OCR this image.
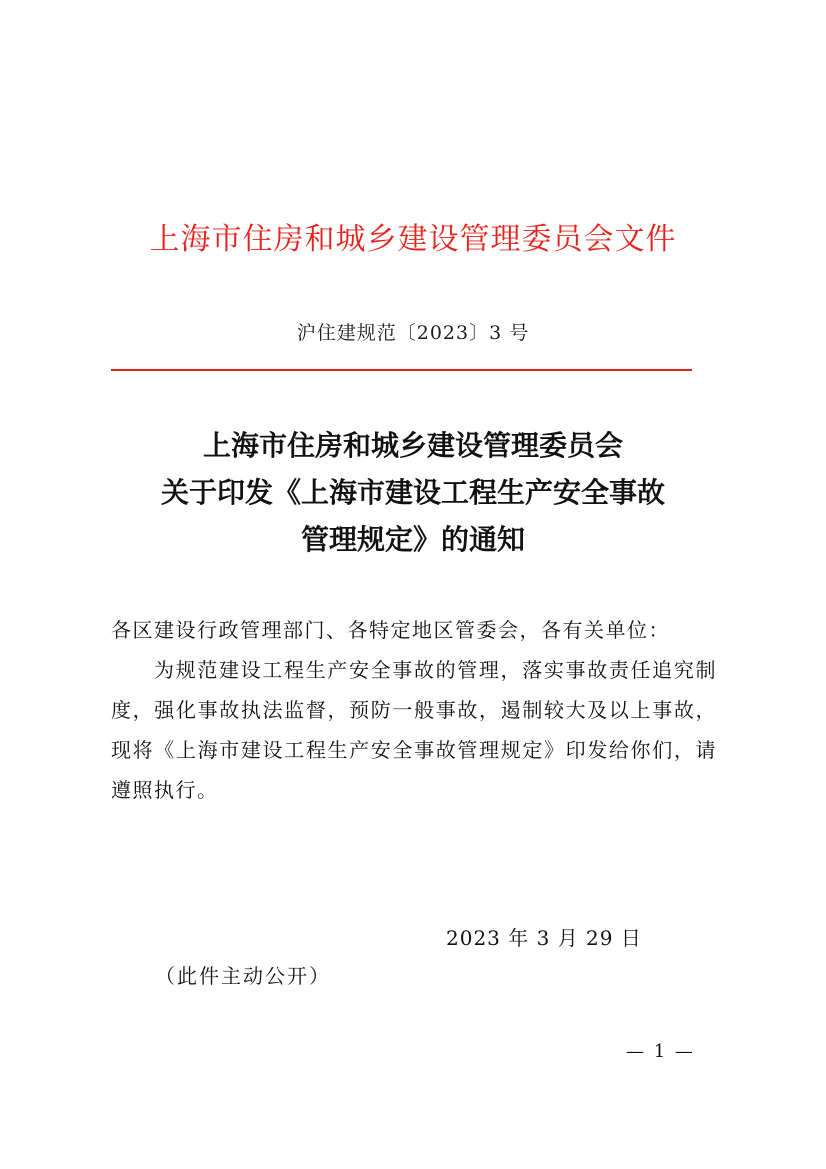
上海市住房和城乡建设管理委员会文件
沪住建规范〔2023〕3 号
上海市住房和城乡建设管理委员会
关于印发《上海市建设工程生产安全事故
管理规定》的通知
各区建设行政管理部门、各特定地区管委会，各有关单位：
为规范建设工程生产安全事故的管理，落实事故责任追究制度，强化事故执法监督，预防一般事故，遏制较大及以上事故，现将《上海市建设工程生产安全事故管理规定》印发给你们，请遵照执行。
2023 年 3 月 29 日
（此件主动公开）
— 1 —
